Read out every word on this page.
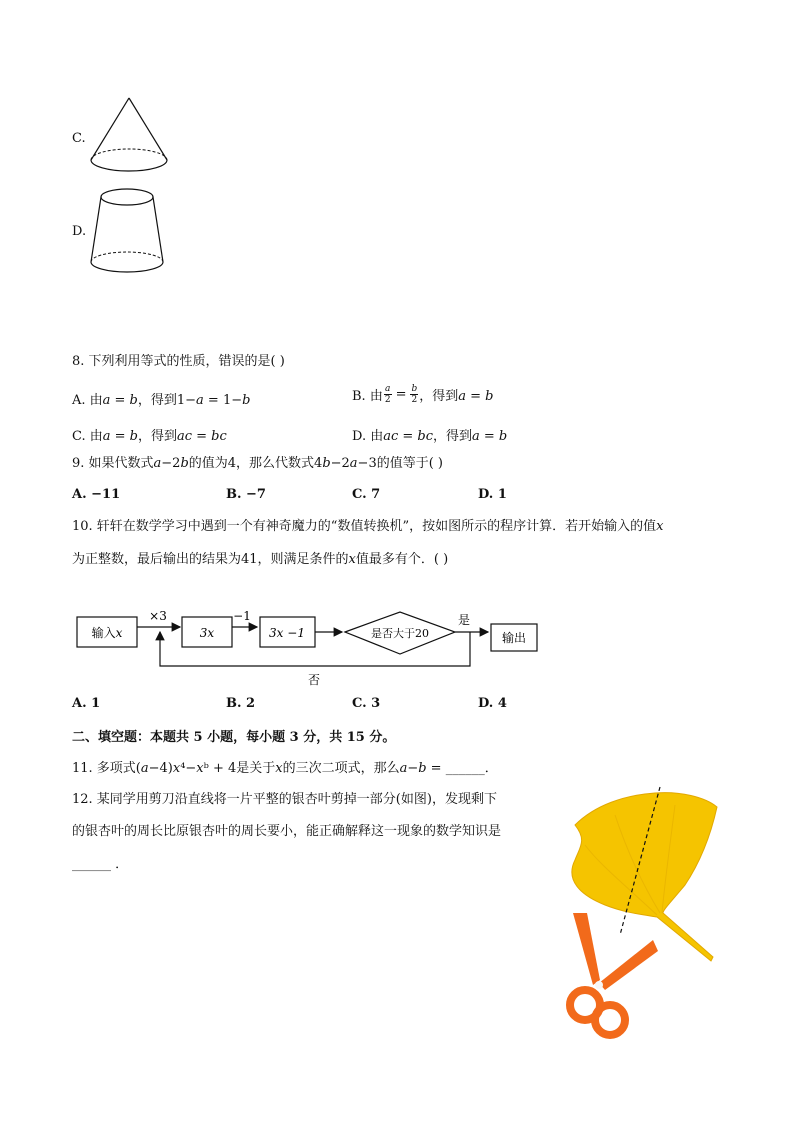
C.
D.
8. 下列利用等式的性质，错误的是( )
A. 由𝑎 = 𝑏，得到1−𝑎 = 1−𝑏	B. 由 𝑎
2 = 𝑏
2 ，得到𝑎 = 𝑏
C. 由𝑎 = 𝑏，得到𝑎𝑐 = 𝑏𝑐	D. 由𝑎𝑐 = 𝑏𝑐，得到𝑎 = 𝑏
9. 如果代数式𝑎−2𝑏的值为4，那么代数式4𝑏−2𝑎−3的值等于( )
A. −11	B. −7	C. 7	D. 1
10. 轩轩在数学学习中遇到一个有神奇魔力的“数值转换机”，按如图所示的程序计算．若开始输入的值𝑥
为正整数，最后输出的结果为41，则满足条件的𝑥值最多有个．( )
输入𝑥
×3
3𝑥
−1
3𝑥 −1	是否大于20
是
输出
否
A. 1	B. 2	C. 3	D. 4
二、填空题：本题共 5 小题，每小题 3 分，共 15 分。
11. 多项式(𝑎−4)𝑥⁴−𝑥ᵇ + 4是关于𝑥的三次二项式，那么𝑎−𝑏 = ______．
12. 某同学用剪刀沿直线将一片平整的银杏叶剪掉一部分(如图)，发现剩下
的银杏叶的周长比原银杏叶的周长要小，能正确解释这一现象的数学知识是
______ ．
